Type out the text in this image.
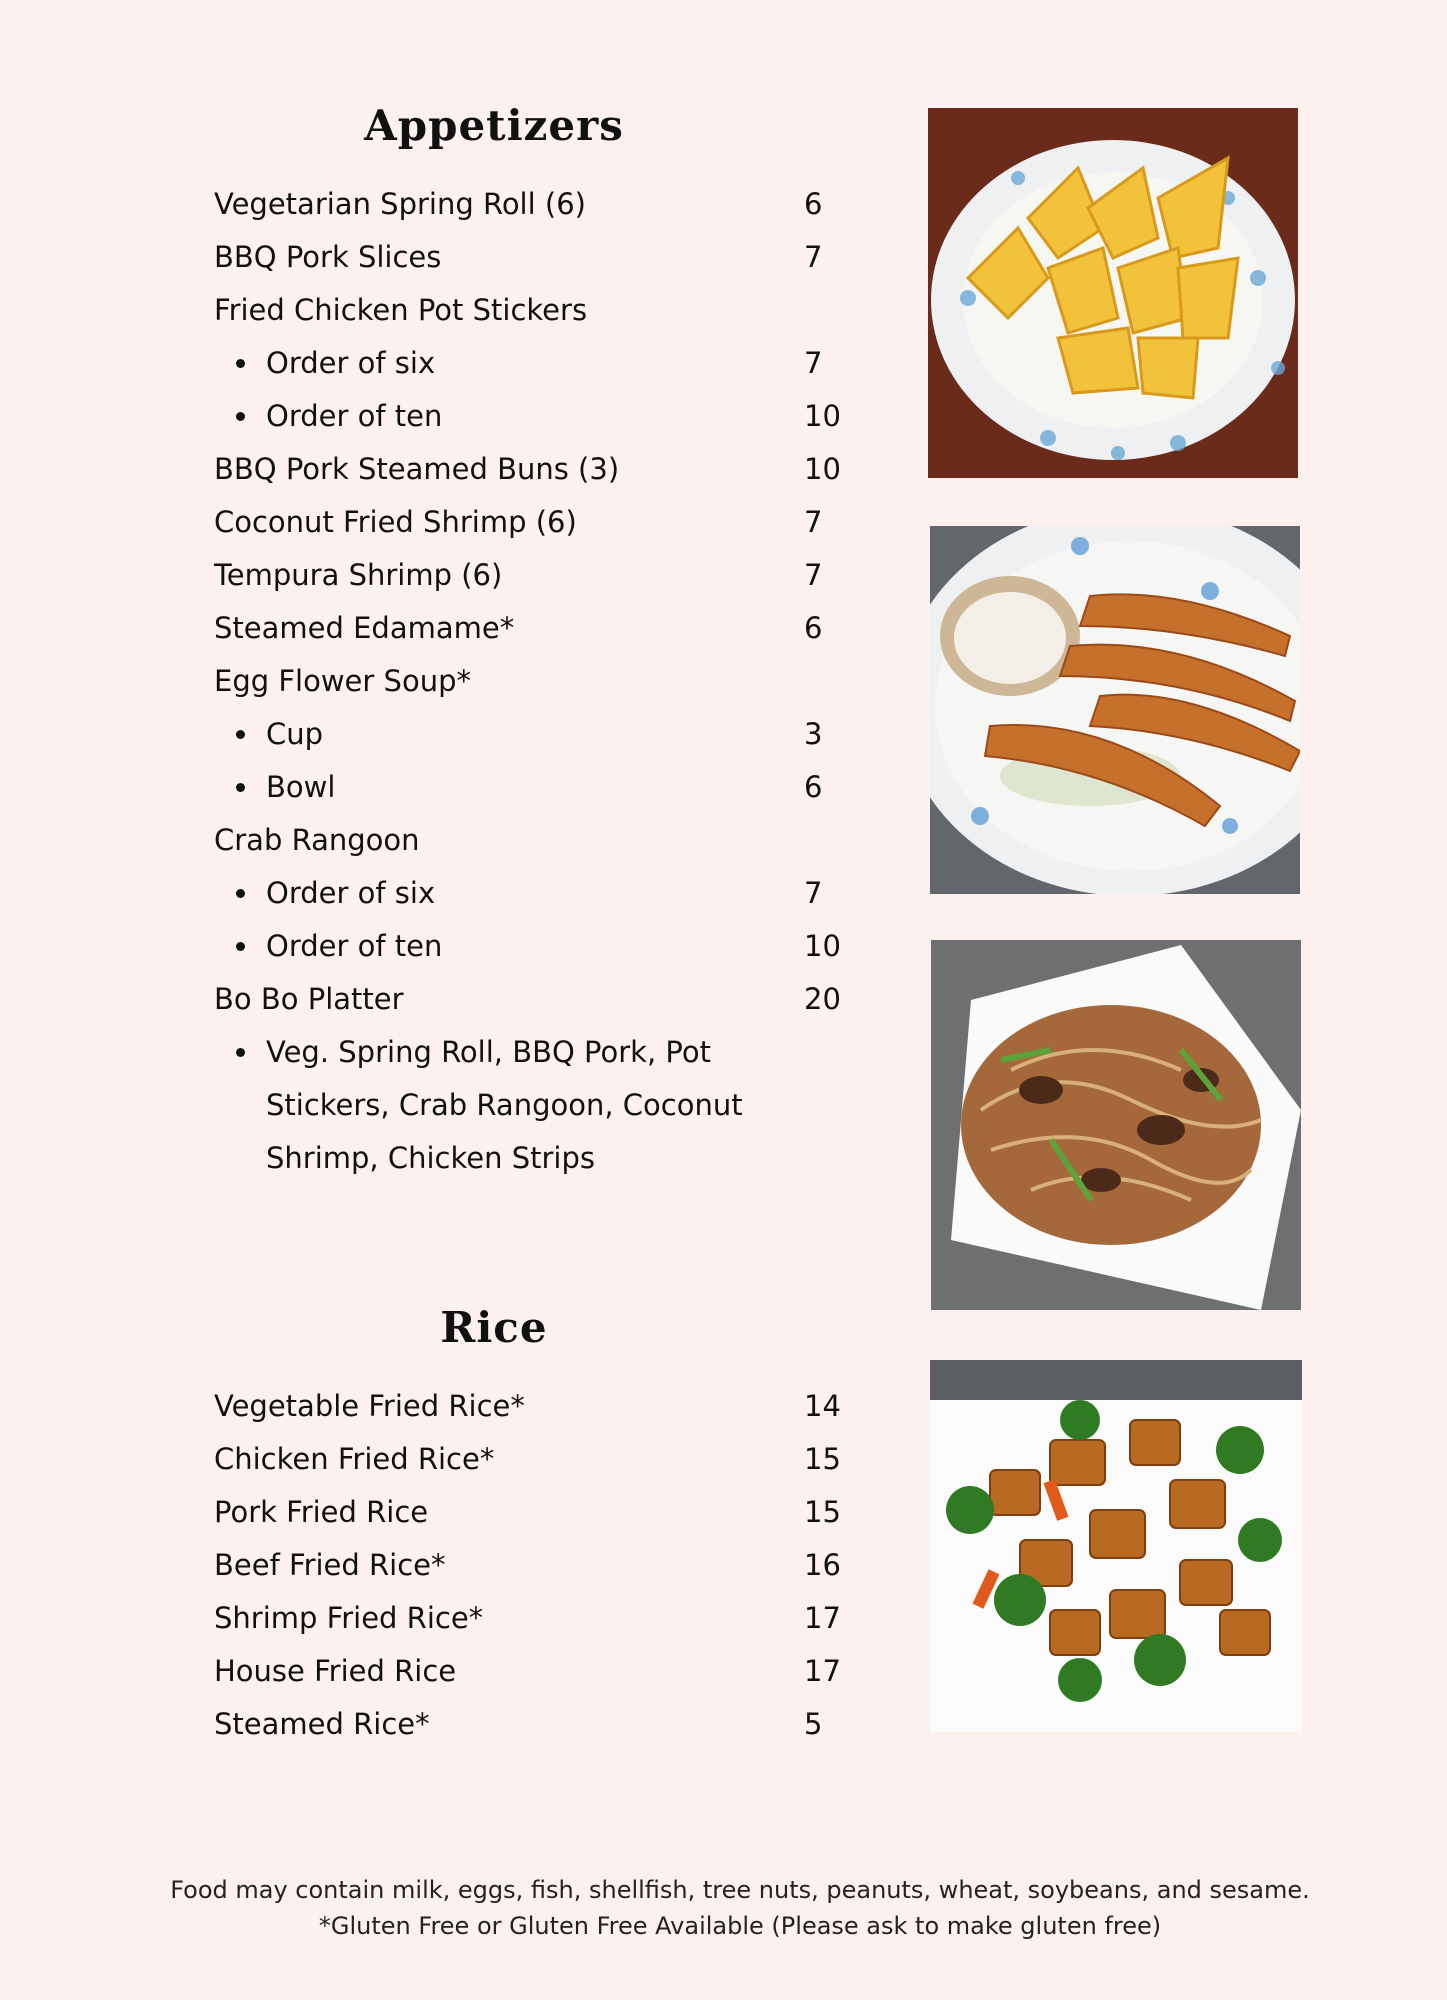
Appetizers
Vegetarian Spring Roll (6)	6
BBQ Pork Slices	7
Fried Chicken Pot Stickers
Order of six	7
Order of ten	10
BBQ Pork Steamed Buns (3)	10
Coconut Fried Shrimp (6)	7
Tempura Shrimp (6)	7
Steamed Edamame*	6
Egg Flower Soup*
Cup	3
Bowl	6
Crab Rangoon
Order of six	7
Order of ten	10
Bo Bo Platter	20
Veg. Spring Roll, BBQ Pork, Pot Stickers, Crab Rangoon, Coconut Shrimp, Chicken Strips
Rice
Vegetable Fried Rice*	14
Chicken Fried Rice*	15
Pork Fried Rice	15
Beef Fried Rice*	16
Shrimp Fried Rice*	17
House Fried Rice	17
Steamed Rice*	5
Food may contain milk, eggs, fish, shellfish, tree nuts, peanuts, wheat, soybeans, and sesame.
*Gluten Free or Gluten Free Available (Please ask to make gluten free)
